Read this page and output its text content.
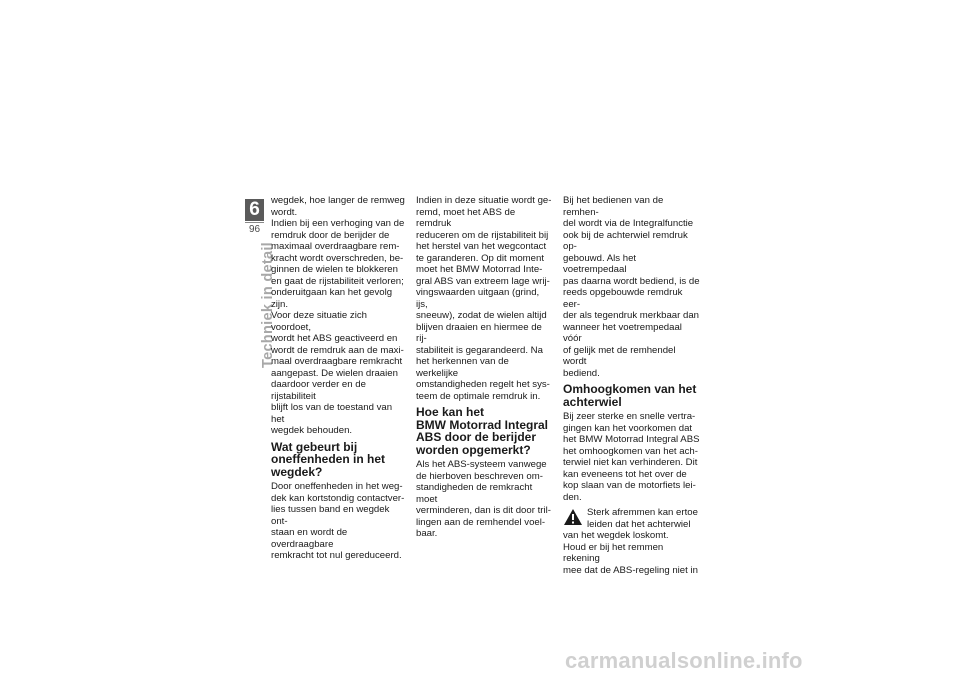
6
96
Techniek in detail

wegdek, hoe langer de remweg
wordt.
Indien bij een verhoging van de
remdruk door de berijder de
maximaal overdraagbare rem-
kracht wordt overschreden, be-
ginnen de wielen te blokkeren
en gaat de rijstabiliteit verloren;
onderuitgaan kan het gevolg zijn.
Voor deze situatie zich voordoet,
wordt het ABS geactiveerd en
wordt de remdruk aan de maxi-
maal overdraagbare remkracht
aangepast. De wielen draaien
daardoor verder en de rijstabiliteit
blijft los van de toestand van het
wegdek behouden.

Wat gebeurt bij
oneffenheden in het
wegdek?

Door oneffenheden in het weg-
dek kan kortstondig contactver-
lies tussen band en wegdek ont-
staan en wordt de overdraagbare
remkracht tot nul gereduceerd.

Indien in deze situatie wordt ge-
remd, moet het ABS de remdruk
reduceren om de rijstabiliteit bij
het herstel van het wegcontact
te garanderen. Op dit moment
moet het BMW Motorrad Inte-
gral ABS van extreem lage wrij-
vingswaarden uitgaan (grind, ijs,
sneeuw), zodat de wielen altijd
blijven draaien en hiermee de rij-
stabiliteit is gegarandeerd. Na
het herkennen van de werkelijke
omstandigheden regelt het sys-
teem de optimale remdruk in.

Hoe kan het
BMW Motorrad Integral
ABS door de berijder
worden opgemerkt?

Als het ABS-systeem vanwege
de hierboven beschreven om-
standigheden de remkracht moet
verminderen, dan is dit door tril-
lingen aan de remhendel voel-
baar.

Bij het bedienen van de remhen-
del wordt via de Integralfunctie
ook bij de achterwiel remdruk op-
gebouwd. Als het voetrempedaal
pas daarna wordt bediend, is de
reeds opgebouwde remdruk eer-
der als tegendruk merkbaar dan
wanneer het voetrempedaal vóór
of gelijk met de remhendel wordt
bediend.

Omhoogkomen van het
achterwiel

Bij zeer sterke en snelle vertra-
gingen kan het voorkomen dat
het BMW Motorrad Integral ABS
het omhoogkomen van het ach-
terwiel niet kan verhinderen. Dit
kan eveneens tot het over de
kop slaan van de motorfiets lei-
den.

Sterk afremmen kan ertoe
leiden dat het achterwiel
van het wegdek loskomt.
Houd er bij het remmen rekening
mee dat de ABS-regeling niet in

carmanualsonline.info
